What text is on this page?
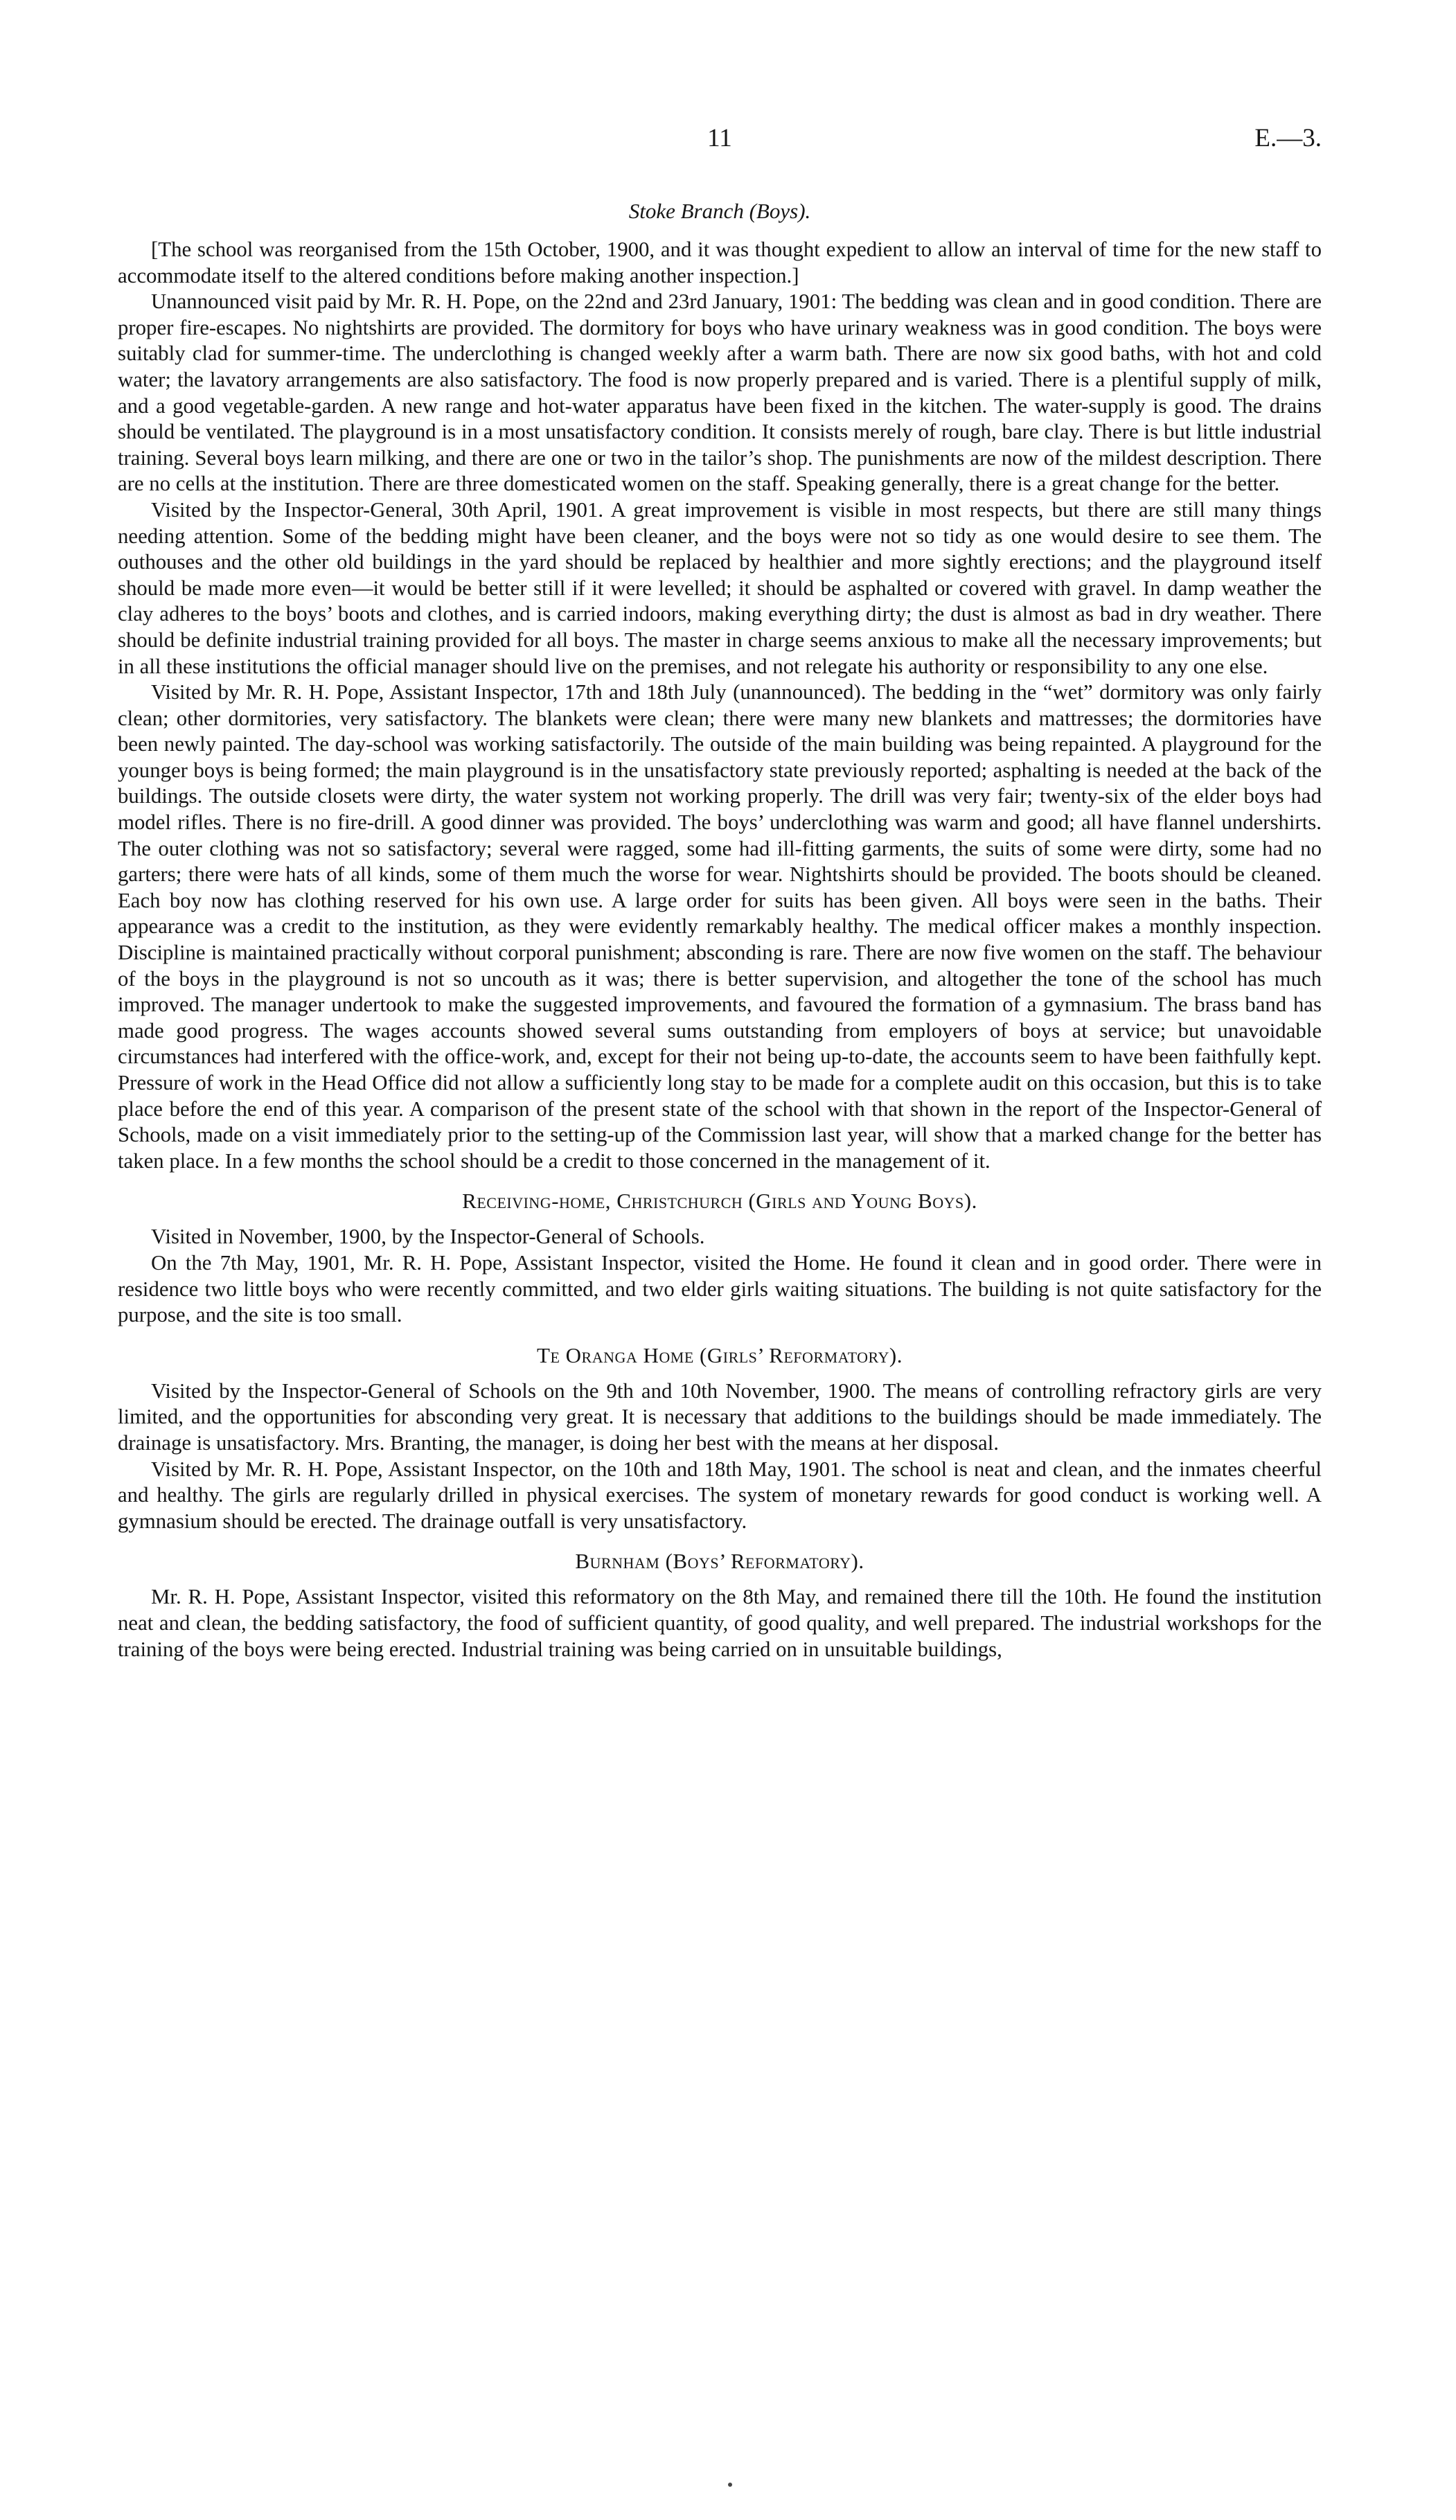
11	E.—3.
Stoke Branch (Boys).

[The school was reorganised from the 15th October, 1900, and it was thought expedient to allow an interval of time for the new staff to accommodate itself to the altered conditions before making another inspection.]

Unannounced visit paid by Mr. R. H. Pope, on the 22nd and 23rd January, 1901: The bedding was clean and in good condition. There are proper fire-escapes. No nightshirts are provided. The dormitory for boys who have urinary weakness was in good condition. The boys were suitably clad for summer-time. The underclothing is changed weekly after a warm bath. There are now six good baths, with hot and cold water; the lavatory arrangements are also satisfactory. The food is now properly prepared and is varied. There is a plentiful supply of milk, and a good vegetable-garden. A new range and hot-water apparatus have been fixed in the kitchen. The water-supply is good. The drains should be ventilated. The playground is in a most unsatisfactory condition. It consists merely of rough, bare clay. There is but little industrial training. Several boys learn milking, and there are one or two in the tailor’s shop. The punishments are now of the mildest description. There are no cells at the institution. There are three domesticated women on the staff. Speaking generally, there is a great change for the better.

Visited by the Inspector-General, 30th April, 1901. A great improvement is visible in most respects, but there are still many things needing attention. Some of the bedding might have been cleaner, and the boys were not so tidy as one would desire to see them. The outhouses and the other old buildings in the yard should be replaced by healthier and more sightly erections; and the playground itself should be made more even—it would be better still if it were levelled; it should be asphalted or covered with gravel. In damp weather the clay adheres to the boys’ boots and clothes, and is carried indoors, making everything dirty; the dust is almost as bad in dry weather. There should be definite industrial training provided for all boys. The master in charge seems anxious to make all the necessary improvements; but in all these institutions the official manager should live on the premises, and not relegate his authority or responsibility to any one else.

Visited by Mr. R. H. Pope, Assistant Inspector, 17th and 18th July (unannounced). The bedding in the “wet” dormitory was only fairly clean; other dormitories, very satisfactory. The blankets were clean; there were many new blankets and mattresses; the dormitories have been newly painted. The day-school was working satisfactorily. The outside of the main building was being repainted. A playground for the younger boys is being formed; the main playground is in the unsatisfactory state previously reported; asphalting is needed at the back of the buildings. The outside closets were dirty, the water system not working properly. The drill was very fair; twenty-six of the elder boys had model rifles. There is no fire-drill. A good dinner was provided. The boys’ underclothing was warm and good; all have flannel undershirts. The outer clothing was not so satisfactory; several were ragged, some had ill-fitting garments, the suits of some were dirty, some had no garters; there were hats of all kinds, some of them much the worse for wear. Nightshirts should be provided. The boots should be cleaned. Each boy now has clothing reserved for his own use. A large order for suits has been given. All boys were seen in the baths. Their appearance was a credit to the institution, as they were evidently remarkably healthy. The medical officer makes a monthly inspection. Discipline is maintained practically without corporal punishment; absconding is rare. There are now five women on the staff. The behaviour of the boys in the playground is not so uncouth as it was; there is better supervision, and altogether the tone of the school has much improved. The manager undertook to make the suggested improvements, and favoured the formation of a gymnasium. The brass band has made good progress. The wages accounts showed several sums outstanding from employers of boys at service; but unavoidable circumstances had interfered with the office-work, and, except for their not being up-to-date, the accounts seem to have been faithfully kept. Pressure of work in the Head Office did not allow a sufficiently long stay to be made for a complete audit on this occasion, but this is to take place before the end of this year. A comparison of the present state of the school with that shown in the report of the Inspector-General of Schools, made on a visit immediately prior to the setting-up of the Commission last year, will show that a marked change for the better has taken place. In a few months the school should be a credit to those concerned in the management of it.

Receiving-home, Christchurch (Girls and Young Boys).

Visited in November, 1900, by the Inspector-General of Schools.

On the 7th May, 1901, Mr. R. H. Pope, Assistant Inspector, visited the Home. He found it clean and in good order. There were in residence two little boys who were recently committed, and two elder girls waiting situations. The building is not quite satisfactory for the purpose, and the site is too small.

Te Oranga Home (Girls’ Reformatory).

Visited by the Inspector-General of Schools on the 9th and 10th November, 1900. The means of controlling refractory girls are very limited, and the opportunities for absconding very great. It is necessary that additions to the buildings should be made immediately. The drainage is unsatisfactory. Mrs. Branting, the manager, is doing her best with the means at her disposal.

Visited by Mr. R. H. Pope, Assistant Inspector, on the 10th and 18th May, 1901. The school is neat and clean, and the inmates cheerful and healthy. The girls are regularly drilled in physical exercises. The system of monetary rewards for good conduct is working well. A gymnasium should be erected. The drainage outfall is very unsatisfactory.

Burnham (Boys’ Reformatory).

Mr. R. H. Pope, Assistant Inspector, visited this reformatory on the 8th May, and remained there till the 10th. He found the institution neat and clean, the bedding satisfactory, the food of sufficient quantity, of good quality, and well prepared. The industrial workshops for the training of the boys were being erected. Industrial training was being carried on in unsuitable buildings,
